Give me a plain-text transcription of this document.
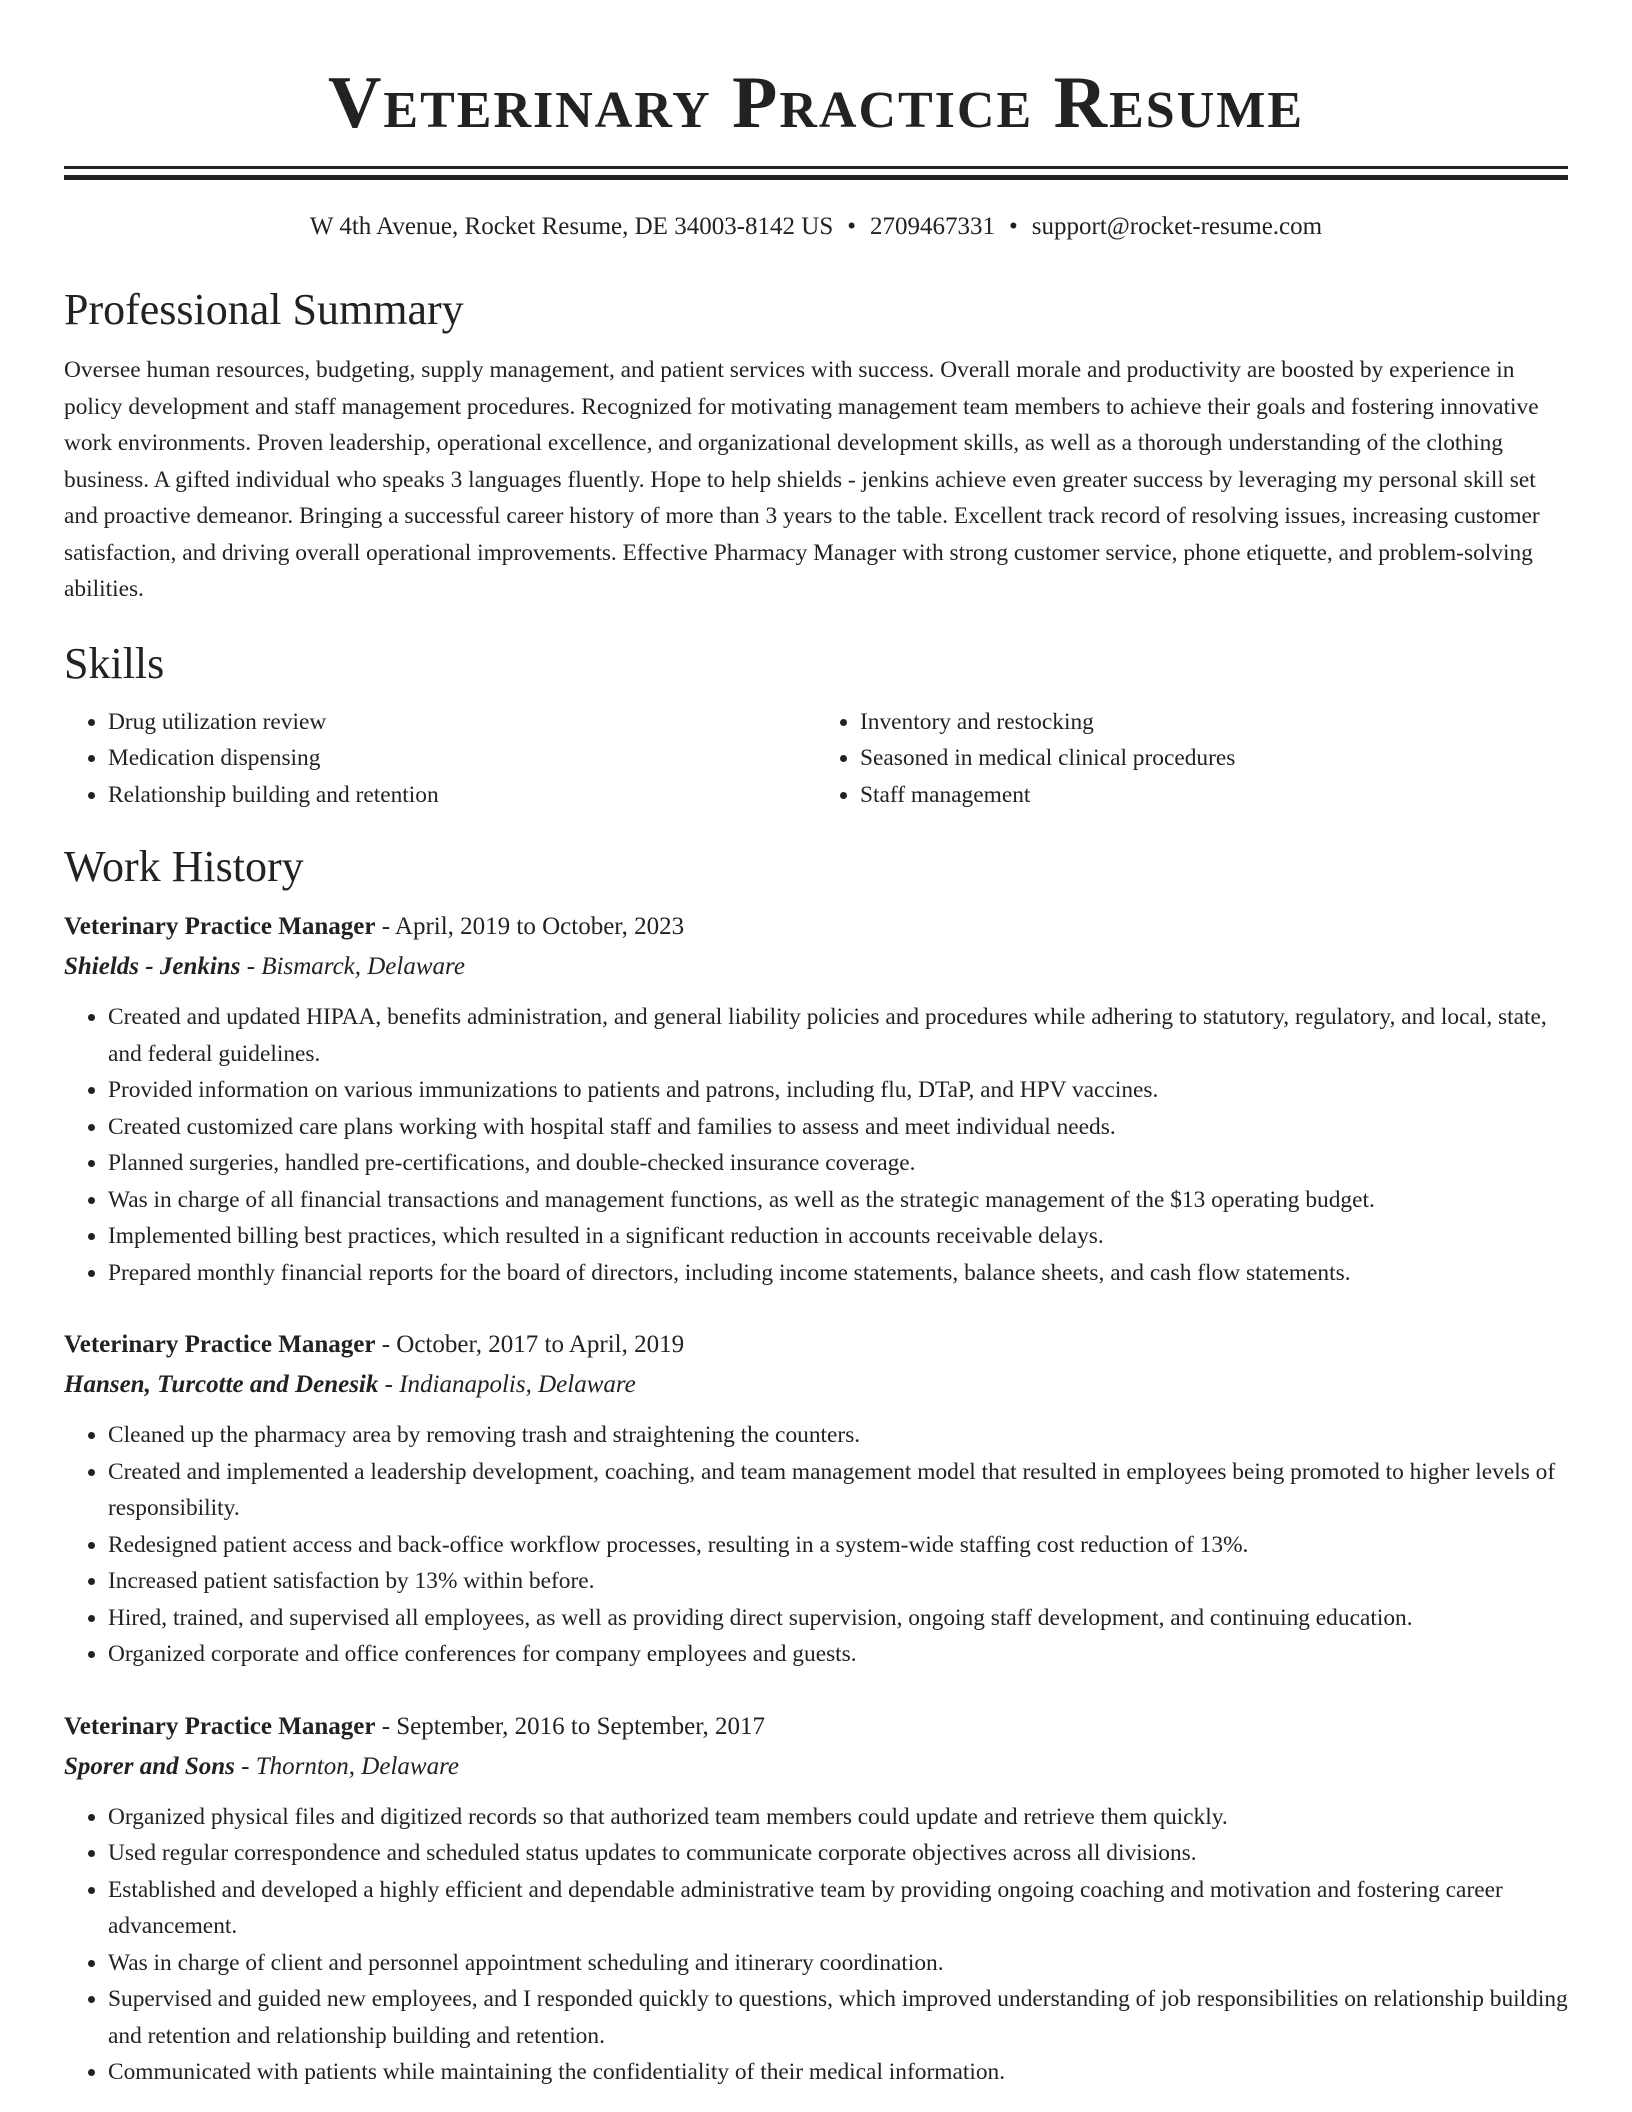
Veterinary Practice Resume
W 4th Avenue, Rocket Resume, DE 34003-8142 US • 2709467331 • support@rocket-resume.com
Professional Summary

Oversee human resources, budgeting, supply management, and patient services with success. Overall morale and productivity are boosted by experience in policy development and staff management procedures. Recognized for motivating management team members to achieve their goals and fostering innovative work environments. Proven leadership, operational excellence, and organizational development skills, as well as a thorough understanding of the clothing business. A gifted individual who speaks 3 languages fluently. Hope to help shields - jenkins achieve even greater success by leveraging my personal skill set and proactive demeanor. Bringing a successful career history of more than 3 years to the table. Excellent track record of resolving issues, increasing customer satisfaction, and driving overall operational improvements. Effective Pharmacy Manager with strong customer service, phone etiquette, and problem-solving abilities.

Skills
• Drug utilization review
• Medication dispensing
• Relationship building and retention
• Inventory and restocking
• Seasoned in medical clinical procedures
• Staff management
Work History
Veterinary Practice Manager - April, 2019 to October, 2023
Shields - Jenkins - Bismarck, Delaware
• Created and updated HIPAA, benefits administration, and general liability policies and procedures while adhering to statutory, regulatory, and local, state, and federal guidelines.
• Provided information on various immunizations to patients and patrons, including flu, DTaP, and HPV vaccines.
• Created customized care plans working with hospital staff and families to assess and meet individual needs.
• Planned surgeries, handled pre-certifications, and double-checked insurance coverage.
• Was in charge of all financial transactions and management functions, as well as the strategic management of the $13 operating budget.
• Implemented billing best practices, which resulted in a significant reduction in accounts receivable delays.
• Prepared monthly financial reports for the board of directors, including income statements, balance sheets, and cash flow statements.
Veterinary Practice Manager - October, 2017 to April, 2019
Hansen, Turcotte and Denesik - Indianapolis, Delaware
• Cleaned up the pharmacy area by removing trash and straightening the counters.
• Created and implemented a leadership development, coaching, and team management model that resulted in employees being promoted to higher levels of responsibility.
• Redesigned patient access and back-office workflow processes, resulting in a system-wide staffing cost reduction of 13%.
• Increased patient satisfaction by 13% within before.
• Hired, trained, and supervised all employees, as well as providing direct supervision, ongoing staff development, and continuing education.
• Organized corporate and office conferences for company employees and guests.
Veterinary Practice Manager - September, 2016 to September, 2017
Sporer and Sons - Thornton, Delaware
• Organized physical files and digitized records so that authorized team members could update and retrieve them quickly.
• Used regular correspondence and scheduled status updates to communicate corporate objectives across all divisions.
• Established and developed a highly efficient and dependable administrative team by providing ongoing coaching and motivation and fostering career advancement.
• Was in charge of client and personnel appointment scheduling and itinerary coordination.
• Supervised and guided new employees, and I responded quickly to questions, which improved understanding of job responsibilities on relationship building and retention and relationship building and retention.
• Communicated with patients while maintaining the confidentiality of their medical information.
